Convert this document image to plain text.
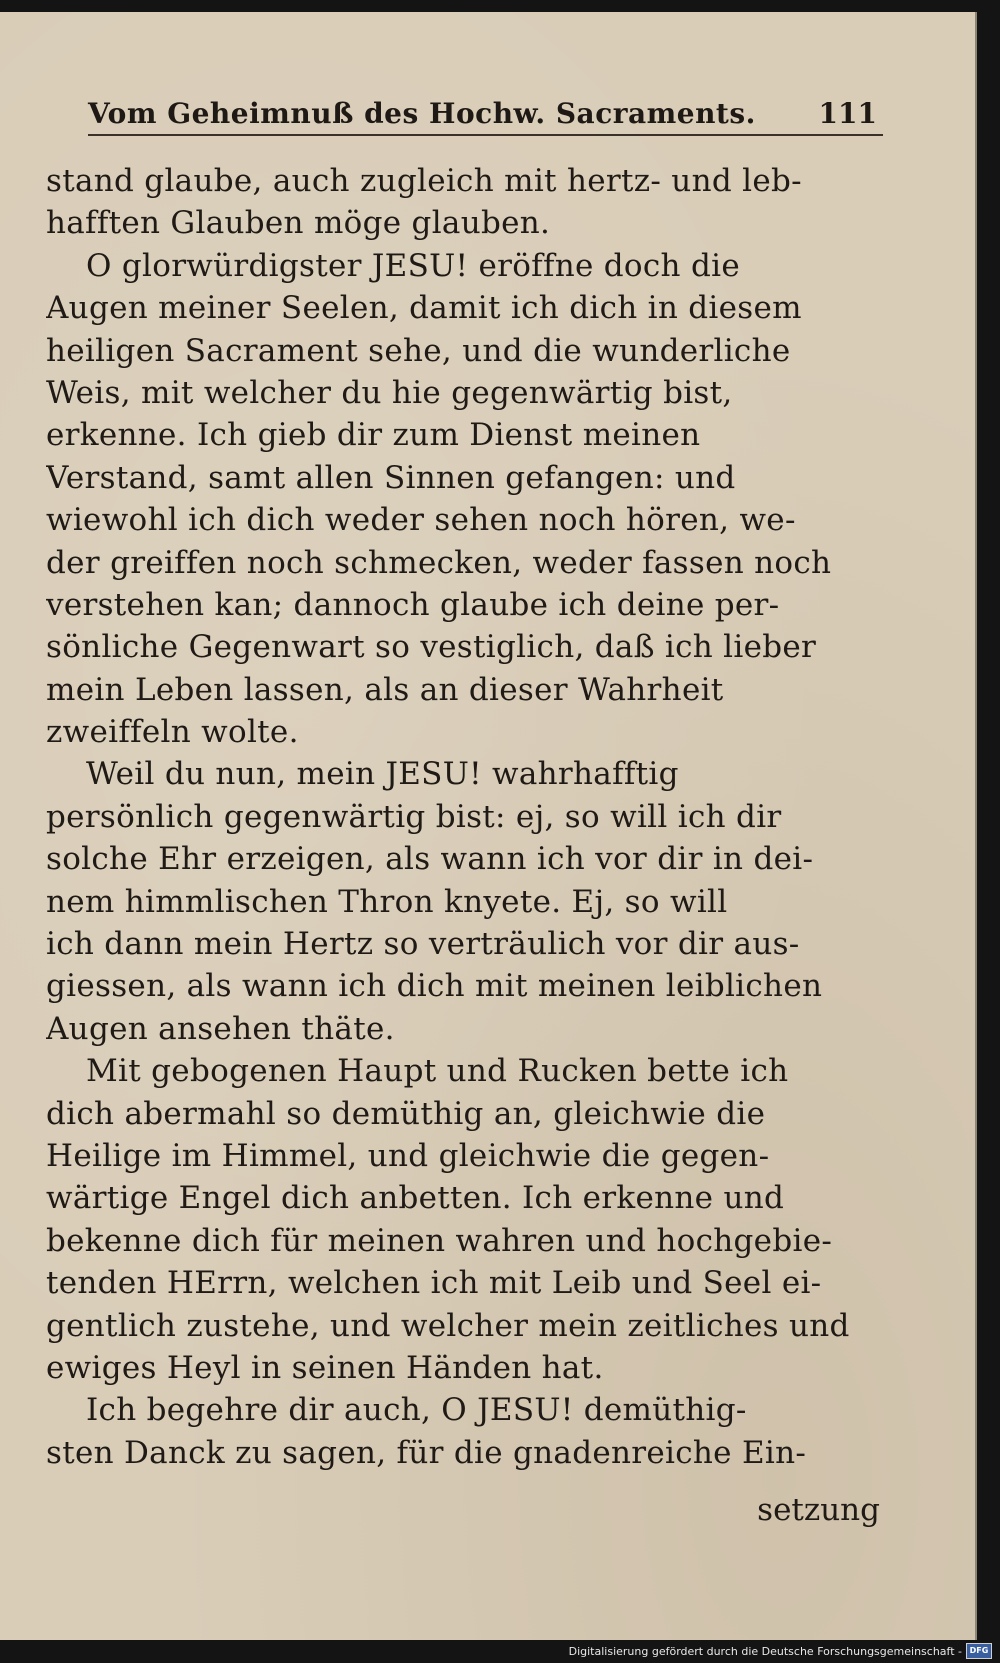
Vom Geheimnuß des Hochw. Sacraments. 111
stand glaube, auch zugleich mit hertz- und leb-
hafften Glauben möge glauben.
O glorwürdigster JESU! eröffne doch die
Augen meiner Seelen, damit ich dich in diesem
heiligen Sacrament sehe, und die wunderliche
Weis, mit welcher du hie gegenwärtig bist,
erkenne. Ich gieb dir zum Dienst meinen
Verstand, samt allen Sinnen gefangen: und
wiewohl ich dich weder sehen noch hören, we-
der greiffen noch schmecken, weder fassen noch
verstehen kan; dannoch glaube ich deine per-
sönliche Gegenwart so vestiglich, daß ich lieber
mein Leben lassen, als an dieser Wahrheit
zweiffeln wolte.
Weil du nun, mein JESU! wahrhafftig
persönlich gegenwärtig bist: ej, so will ich dir
solche Ehr erzeigen, als wann ich vor dir in dei-
nem himmlischen Thron knyete. Ej, so will
ich dann mein Hertz so verträulich vor dir aus-
giessen, als wann ich dich mit meinen leiblichen
Augen ansehen thäte.
Mit gebogenen Haupt und Rucken bette ich
dich abermahl so demüthig an, gleichwie die
Heilige im Himmel, und gleichwie die gegen-
wärtige Engel dich anbetten. Ich erkenne und
bekenne dich für meinen wahren und hochgebie-
tenden HErrn, welchen ich mit Leib und Seel ei-
gentlich zustehe, und welcher mein zeitliches und
ewiges Heyl in seinen Händen hat.
Ich begehre dir auch, O JESU! demüthig-
sten Danck zu sagen, für die gnadenreiche Ein-
setzung
Digitalisierung gefördert durch die Deutsche Forschungsgemeinschaft - DFG
